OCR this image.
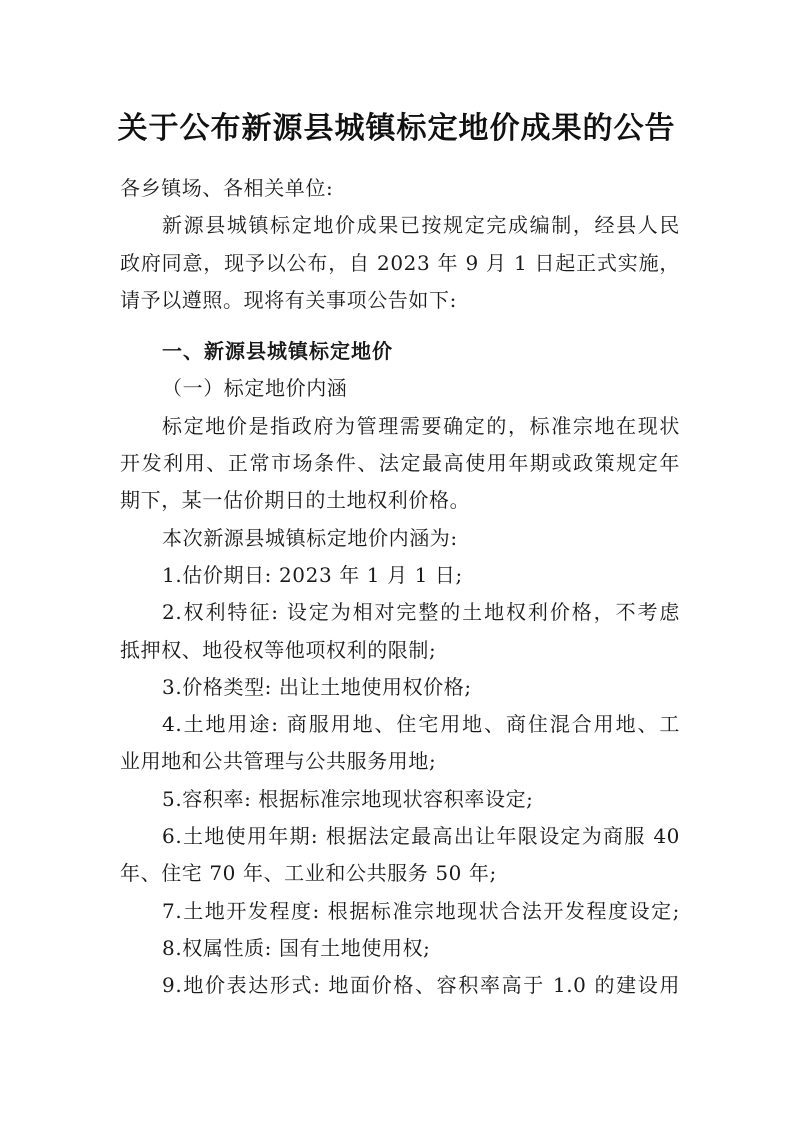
关于公布新源县城镇标定地价成果的公告

各乡镇场、各相关单位:

新源县城镇标定地价成果已按规定完成编制，经县人民

政府同意，现予以公布，自 2023 年 9 月 1 日起正式实施，

请予以遵照。现将有关事项公告如下:

一、新源县城镇标定地价

（一）标定地价内涵

标定地价是指政府为管理需要确定的，标准宗地在现状

开发利用、正常市场条件、法定最高使用年期或政策规定年

期下，某一估价期日的土地权利价格。

本次新源县城镇标定地价内涵为:

1.估价期日: 2023 年 1 月 1 日;

2.权利特征: 设定为相对完整的土地权利价格，不考虑

抵押权、地役权等他项权利的限制;

3.价格类型: 出让土地使用权价格;

4.土地用途: 商服用地、住宅用地、商住混合用地、工

业用地和公共管理与公共服务用地;

5.容积率: 根据标准宗地现状容积率设定;

6.土地使用年期: 根据法定最高出让年限设定为商服 40

年、住宅 70 年、工业和公共服务 50 年;

7.土地开发程度: 根据标准宗地现状合法开发程度设定;

8.权属性质: 国有土地使用权;

9.地价表达形式: 地面价格、容积率高于 1.0 的建设用
